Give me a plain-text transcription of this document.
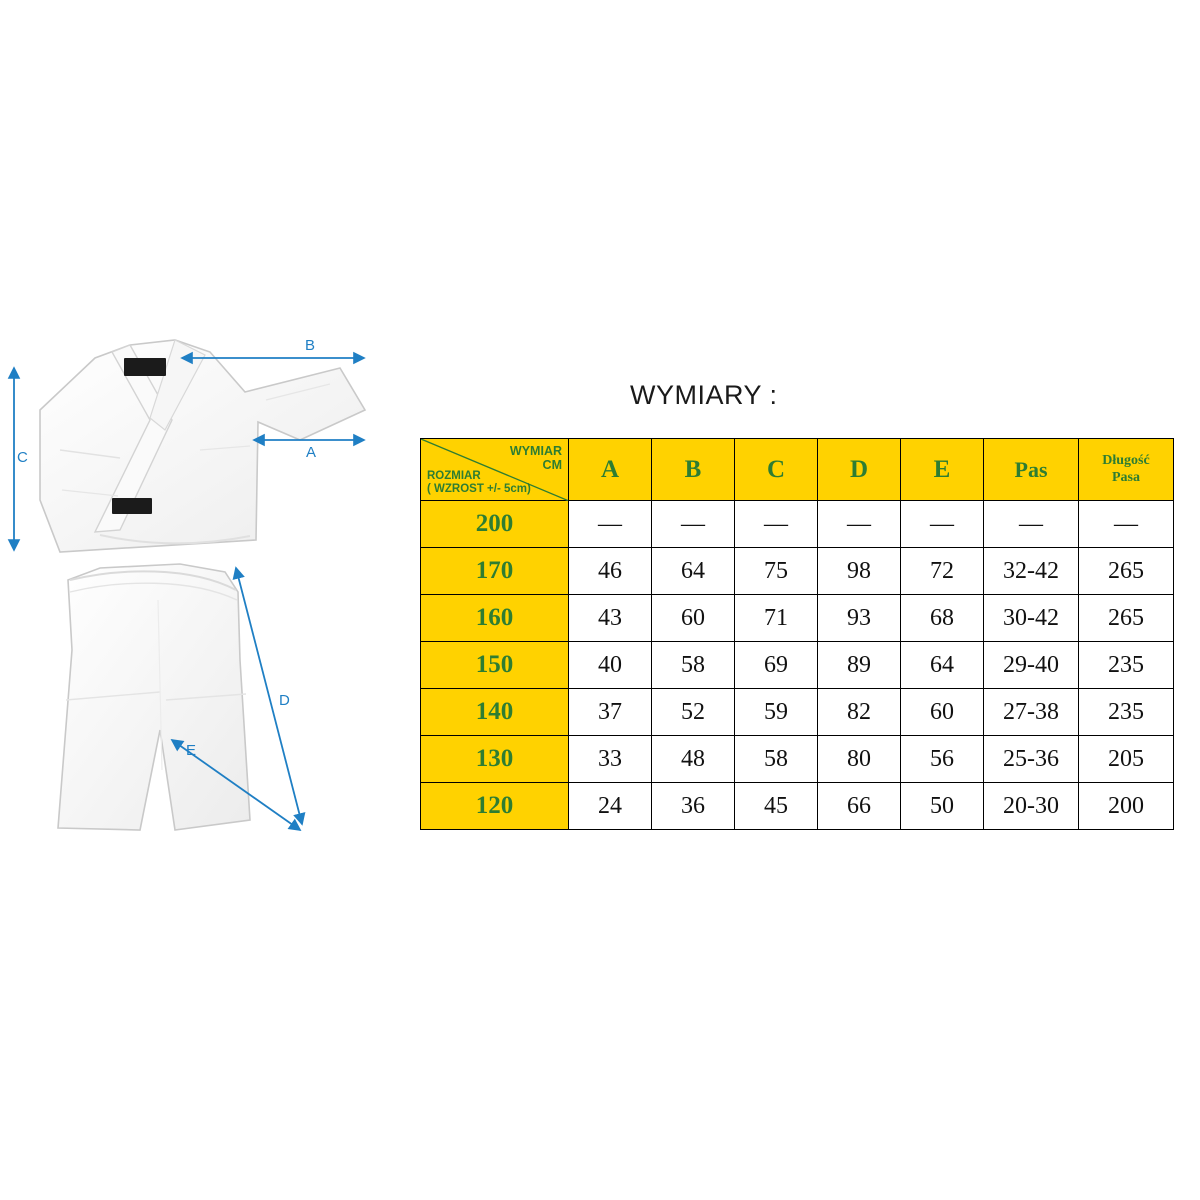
B
A
C
D
E
WYMIARY :
WYMIAR
CM
ROZMIAR
( WZROST +/- 5cm)	A	B	C	D	E	Pas	Długość
Pasa
200	—	—	—	—	—	—	—
170	46	64	75	98	72	32-42	265
160	43	60	71	93	68	30-42	265
150	40	58	69	89	64	29-40	235
140	37	52	59	82	60	27-38	235
130	33	48	58	80	56	25-36	205
120	24	36	45	66	50	20-30	200
